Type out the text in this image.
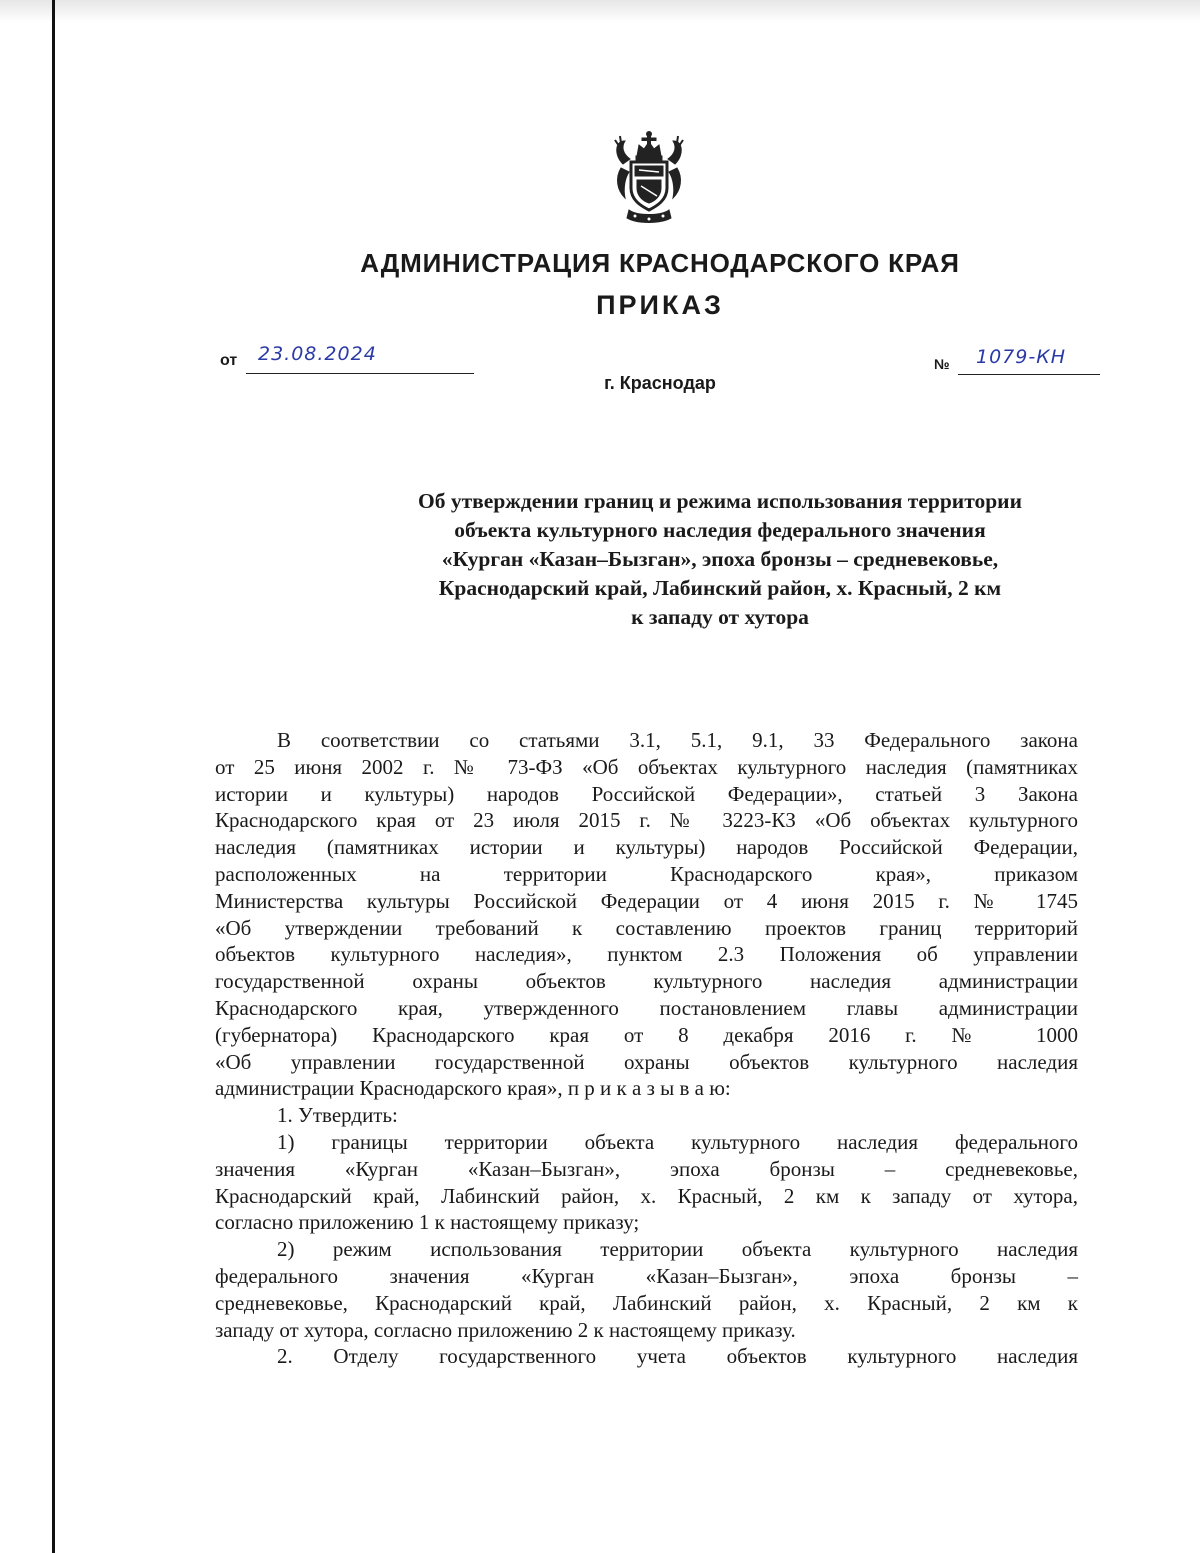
АДМИНИСТРАЦИЯ КРАСНОДАРСКОГО КРАЯ
ПРИКАЗ
от 23.08.2024
г. Краснодар
№ 1079-КН
Об утверждении границ и режима использования территории
объекта культурного наследия федерального значения
«Курган «Казан–Бызган», эпоха бронзы – средневековье,
Краснодарский край, Лабинский район, х. Красный, 2 км
к западу от хутора
В соответствии со статьями 3.1, 5.1, 9.1, 33 Федерального закона
от 25 июня 2002 г. № 73-ФЗ «Об объектах культурного наследия (памятниках
истории и культуры) народов Российской Федерации», статьей 3 Закона
Краснодарского края от 23 июля 2015 г. № 3223-КЗ «Об объектах культурного
наследия (памятниках истории и культуры) народов Российской Федерации,
расположенных на территории Краснодарского края», приказом
Министерства культуры Российской Федерации от 4 июня 2015 г. № 1745
«Об утверждении требований к составлению проектов границ территорий
объектов культурного наследия», пунктом 2.3 Положения об управлении
государственной охраны объектов культурного наследия администрации
Краснодарского края, утвержденного постановлением главы администрации
(губернатора) Краснодарского края от 8 декабря 2016 г. № 1000
«Об управлении государственной охраны объектов культурного наследия
администрации Краснодарского края», п р и к а з ы в а ю:
1. Утвердить:
1) границы территории объекта культурного наследия федерального
значения «Курган «Казан–Бызган», эпоха бронзы – средневековье,
Краснодарский край, Лабинский район, х. Красный, 2 км к западу от хутора,
согласно приложению 1 к настоящему приказу;
2) режим использования территории объекта культурного наследия
федерального значения «Курган «Казан–Бызган», эпоха бронзы –
средневековье, Краснодарский край, Лабинский район, х. Красный, 2 км к
западу от хутора, согласно приложению 2 к настоящему приказу.
2. Отделу государственного учета объектов культурного наследия
